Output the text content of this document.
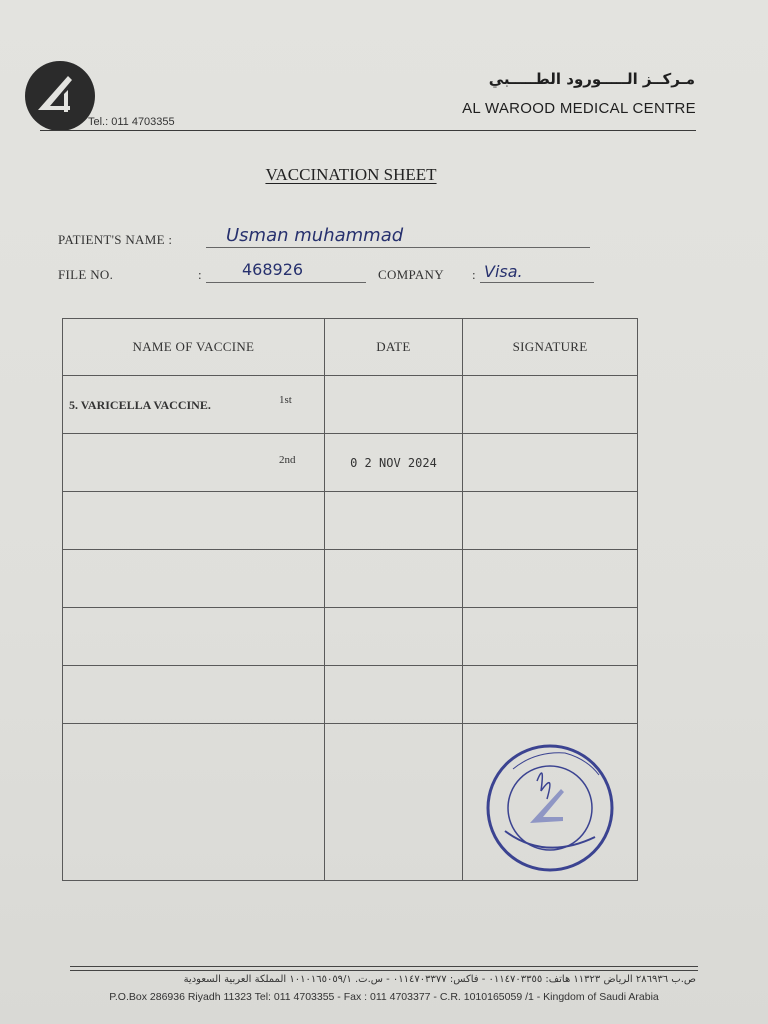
Tel.: 011 4703355
مـركــز الـــــورود الطـــــبي
AL WAROOD MEDICAL CENTRE
VACCINATION SHEET
PATIENT'S NAME :	Usman muhammad
FILE NO.	:	468926	COMPANY : Visa.
NAME OF VACCINE	DATE	SIGNATURE

5. VARICELLA VACCINE. 1st		

2nd	0 2 NOV 2024	

ص.ب ٢٨٦٩٣٦ الرياض ١١٣٢٣ هاتف: ٠١١٤٧٠٣٣٥٥ - فاكس: ٠١١٤٧٠٣٣٧٧ - س.ت. ١٠١٠١٦٥٠٥٩/١ المملكة العربية السعودية
P.O.Box 286936 Riyadh 11323 Tel: 011 4703355 - Fax : 011 4703377 - C.R. 1010165059 /1 - Kingdom of Saudi Arabia
